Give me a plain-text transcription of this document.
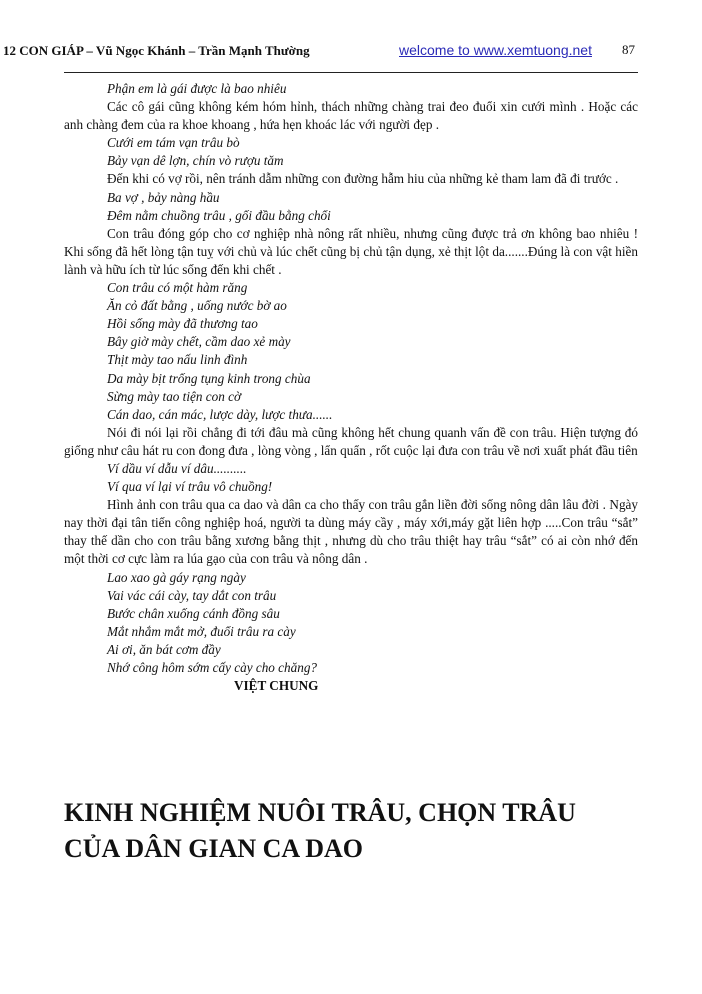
12 CON GIÁP – Vũ Ngọc Khánh – Trần Mạnh Thường	welcome to www.xemtuong.net 87
Phận em là gái được là bao nhiêu

Các cô gái cũng không kém hóm hỉnh, thách những chàng trai đeo đuổi xin cưới mình . Hoặc các anh chàng đem của ra khoe khoang , hứa hẹn khoác lác với người đẹp .

Cưới em tám vạn trâu bò
Bảy vạn dê lợn, chín vò rượu tăm

Đến khi có vợ rồi, nên tránh dẫm những con đường hẫm hiu của những kẻ tham lam đã đi trước .

Ba vợ , bảy nàng hầu
Đêm nằm chuồng trâu , gối đầu bằng chổi

Con trâu đóng góp cho cơ nghiệp nhà nông rất nhiều, nhưng cũng được trả ơn không bao nhiêu ! Khi sống đã hết lòng tận tuỵ với chủ và lúc chết cũng bị chủ tận dụng, xẻ thịt lột da.......Đúng là con vật hiền lành và hữu ích từ lúc sống đến khi chết .

Con trâu có một hàm răng
Ăn cỏ đất bằng , uống nước bờ ao
Hồi sống mày đã thương tao
Bây giờ mày chết, cầm dao xẻ mày
Thịt mày tao nấu linh đình
Da mày bịt trống tụng kinh trong chùa
Sừng mày tao tiện con cờ
Cán dao, cán mác, lược dày, lược thưa......

Nói đi nói lại rồi chẳng đi tới đâu mà cũng không hết chung quanh vấn đề con trâu. Hiện tượng đó giống như câu hát ru con đong đưa , lòng vòng , lẩn quẩn , rốt cuộc lại đưa con trâu về nơi xuất phát đầu tiên

Ví dầu ví dẫu ví dâu..........
Ví qua ví lại ví trâu vô chuồng!

Hình ảnh con trâu qua ca dao và dân ca cho thấy con trâu gắn liền đời sống nông dân lâu đời . Ngày nay thời đại tân tiến công nghiệp hoá, người ta dùng máy cầy , máy xới,máy gặt liên hợp .....Con trâu “sắt” thay thế dần cho con trâu bằng xương bằng thịt , nhưng dù cho trâu thiệt hay trâu “sắt” có ai còn nhớ đến một thời cơ cực làm ra lúa gạo của con trâu và nông dân .

Lao xao gà gáy rạng ngày
Vai vác cái cày, tay dắt con trâu
Bước chân xuống cánh đồng sâu
Mắt nhắm mắt mở, đuổi trâu ra cày
Ai ơi, ăn bát cơm đầy
Nhớ công hôm sớm cấy cày cho chăng?
VIỆT CHUNG
KINH NGHIỆM NUÔI TRÂU, CHỌN TRÂU
CỦA DÂN GIAN CA DAO
